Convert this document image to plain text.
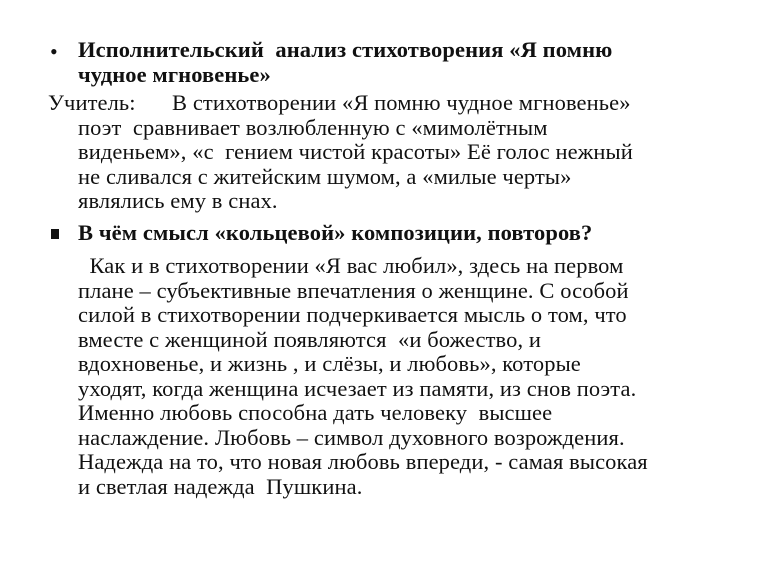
• Исполнительский  анализ стихотворения «Я помню
чудное мгновенье»
Учитель: В стихотворении «Я помню чудное мгновенье»
поэт  сравнивает возлюбленную с «мимолётным
виденьем», «с  гением чистой красоты» Её голос нежный
не сливался с житейским шумом, а «милые черты»
являлись ему в снах.
В чём смысл «кольцевой» композиции, повторов?
Как и в стихотворении «Я вас любил», здесь на первом
плане – субъективные впечатления о женщине. С особой
силой в стихотворении подчеркивается мысль о том, что
вместе с женщиной появляются  «и божество, и
вдохновенье, и жизнь , и слёзы, и любовь», которые
уходят, когда женщина исчезает из памяти, из снов поэта.
Именно любовь способна дать человеку  высшее
наслаждение. Любовь – символ духовного возрождения.
Надежда на то, что новая любовь впереди, - самая высокая
и светлая надежда  Пушкина.
